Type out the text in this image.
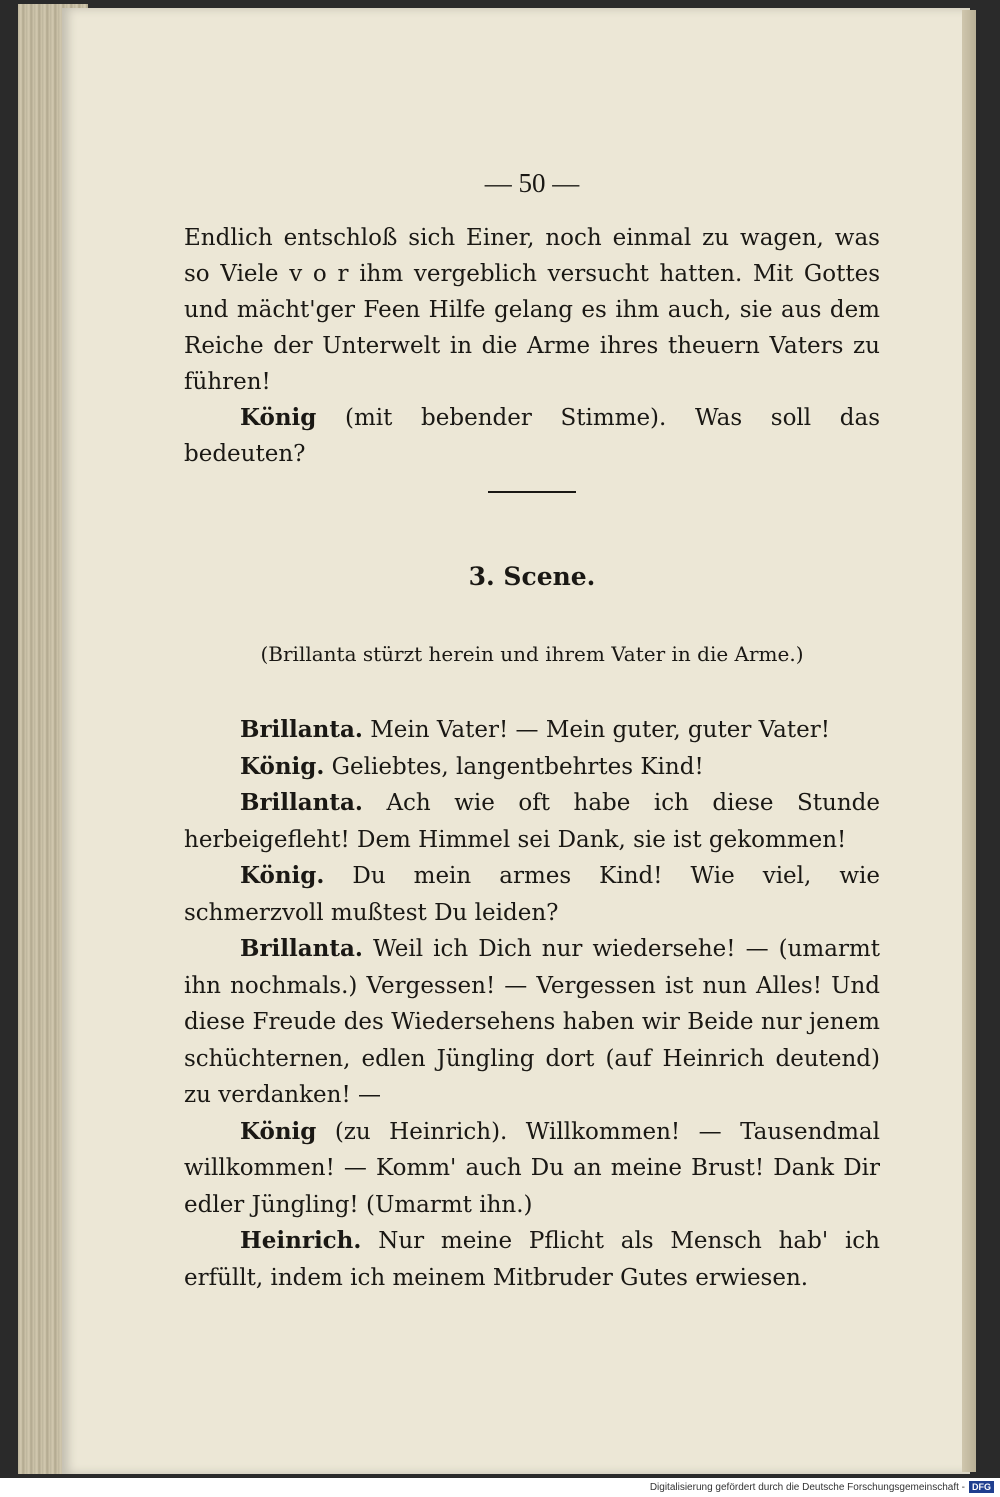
— 50 —

Endlich entschloß sich Einer, noch einmal zu wagen, was so Viele v o r ihm vergeblich versucht hatten. Mit Gottes und mächt'ger Feen Hilfe gelang es ihm auch, sie aus dem Reiche der Unterwelt in die Arme ihres theuern Vaters zu führen!

König (mit bebender Stimme). Was soll das bedeuten?

3. Scene.
(Brillanta stürzt herein und ihrem Vater in die Arme.)

Brillanta. Mein Vater! — Mein guter, guter Vater!

König. Geliebtes, langentbehrtes Kind!

Brillanta. Ach wie oft habe ich diese Stunde herbeigefleht! Dem Himmel sei Dank, sie ist gekommen!

König. Du mein armes Kind! Wie viel, wie schmerzvoll mußtest Du leiden?

Brillanta. Weil ich Dich nur wiedersehe! — (umarmt ihn nochmals.) Vergessen! — Vergessen ist nun Alles! Und diese Freude des Wiedersehens haben wir Beide nur jenem schüchternen, edlen Jüngling dort (auf Heinrich deutend) zu verdanken! —

König (zu Heinrich). Willkommen! — Tausendmal willkommen! — Komm' auch Du an meine Brust! Dank Dir edler Jüngling! (Umarmt ihn.)

Heinrich. Nur meine Pflicht als Mensch hab' ich erfüllt, indem ich meinem Mitbruder Gutes erwiesen.

Digitalisierung gefördert durch die Deutsche Forschungsgemeinschaft - DFG
